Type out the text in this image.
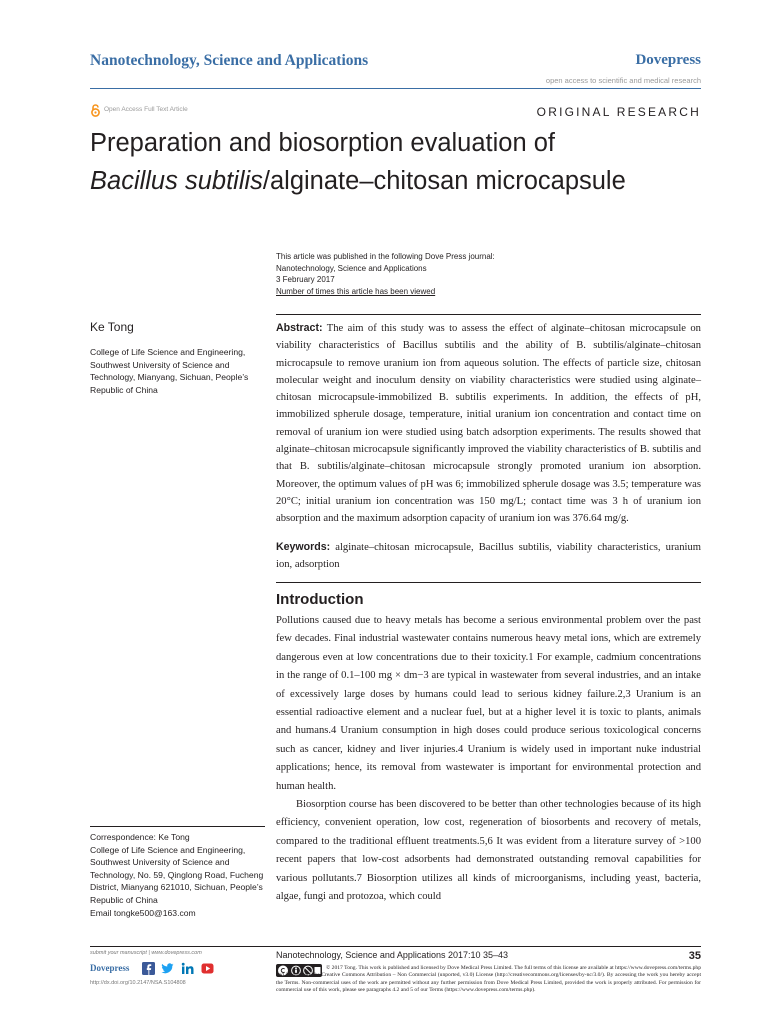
Nanotechnology, Science and Applications	Dovepress
open access to scientific and medical research
Open Access Full Text Article	ORIGINAL RESEARCH
Preparation and biosorption evaluation of
Bacillus subtilis/alginate–chitosan microcapsule
This article was published in the following Dove Press journal:
Nanotechnology, Science and Applications
3 February 2017
Number of times this article has been viewed
Ke Tong
College of Life Science and Engineering, Southwest University of Science and Technology, Mianyang, Sichuan, People’s Republic of China
Abstract: The aim of this study was to assess the effect of alginate–chitosan microcapsule on viability characteristics of Bacillus subtilis and the ability of B. subtilis/alginate–chitosan microcapsule to remove uranium ion from aqueous solution. The effects of particle size, chitosan molecular weight and inoculum density on viability characteristics were studied using alginate–chitosan microcapsule-immobilized B. subtilis experiments. In addition, the effects of pH, immobilized spherule dosage, temperature, initial uranium ion concentration and contact time on removal of uranium ion were studied using batch adsorption experiments. The results showed that alginate–chitosan microcapsule significantly improved the viability characteristics of B. subtilis and that B. subtilis/alginate–chitosan microcapsule strongly promoted uranium ion absorption. Moreover, the optimum values of pH was 6; immobilized spherule dosage was 3.5; temperature was 20°C; initial uranium ion concentration was 150 mg/L; contact time was 3 h of uranium ion absorption and the maximum adsorption capacity of uranium ion was 376.64 mg/g.
Keywords: alginate–chitosan microcapsule, Bacillus subtilis, viability characteristics, uranium ion, adsorption
Introduction

Pollutions caused due to heavy metals has become a serious environmental problem over the past few decades. Final industrial wastewater contains numerous heavy metal ions, which are extremely dangerous even at low concentrations due to their toxicity.1 For example, cadmium concentrations in the range of 0.1–100 mg × dm−3 are typical in wastewater from several industries, and an intake of excessively large doses by humans could lead to serious kidney failure.2,3 Uranium is an essential radioactive element and a nuclear fuel, but at a higher level it is toxic to plants, animals and humans.4 Uranium consumption in high doses could produce serious toxicological concerns such as cancer, kidney and liver injuries.4 Uranium is widely used in important nuke industrial applications; hence, its removal from wastewater is important for environmental protection and human health.

Biosorption course has been discovered to be better than other technologies because of its high efficiency, convenient operation, low cost, regeneration of biosorbents and recovery of metals, compared to the traditional effluent treatments.5,6 It was evident from a literature survey of >100 recent papers that low-cost adsorbents had demonstrated outstanding removal capabilities for various pollutants.7 Biosorption utilizes all kinds of microorganisms, including yeast, bacteria, algae, fungi and protozoa, which could

Correspondence: Ke Tong
College of Life Science and Engineering, Southwest University of Science and Technology, No. 59, Qinglong Road, Fucheng District, Mianyang 621010, Sichuan, People’s Republic of China
Email tongke500@163.com
submit your manuscript | www.dovepress.com
Dovepress
http://dx.doi.org/10.2147/NSA.S104808
Nanotechnology, Science and Applications 2017:10 35–43	35
© 2017 Tong. This work is published and licensed by Dove Medical Press Limited. The full terms of this license are available at https://www.dovepress.com/terms.php and incorporate the Creative Commons Attribution – Non Commercial (unported, v3.0) License (http://creativecommons.org/licenses/by-nc/3.0/). By accessing the work you hereby accept the Terms. Non-commercial uses of the work are permitted without any further permission from Dove Medical Press Limited, provided the work is properly attributed. For permission for commercial use of this work, please see paragraphs 4.2 and 5 of our Terms (https://www.dovepress.com/terms.php).
